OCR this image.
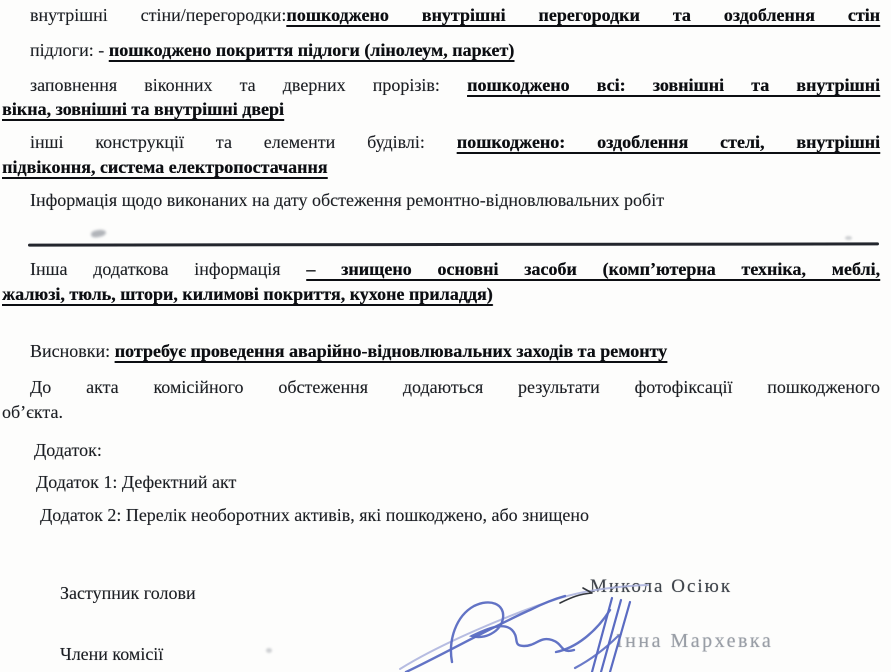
внутрішні стіни/перегородки:пошкоджено внутрішні перегородки та оздоблення стін
підлоги: - пошкоджено покриття підлоги (лінолеум, паркет)
заповнення віконних та дверних прорізів: пошкоджено всі: зовнішні та внутрішні
вікна, зовнішні та внутрішні двері
інші конструкції та елементи будівлі: пошкоджено: оздоблення стелі, внутрішні
підвіконня, система електропостачання
Інформація щодо виконаних на дату обстеження ремонтно-відновлювальних робіт
Інша додаткова інформація – знищено основні засоби (комп’ютерна техніка, меблі,
жалюзі, тюль, штори, килимові покриття, кухоне приладдя)
Висновки: потребує проведення аварійно-відновлювальних заходів та ремонту
До акта комісійного обстеження додаються результати фотофіксації пошкодженого
об’єкта.
Додаток:
Додаток 1: Дефектний акт
Додаток 2: Перелік необоротних активів, які пошкоджено, або знищено
Заступник голови
Члени комісії
Микола Осіюк
Інна Мархевка
